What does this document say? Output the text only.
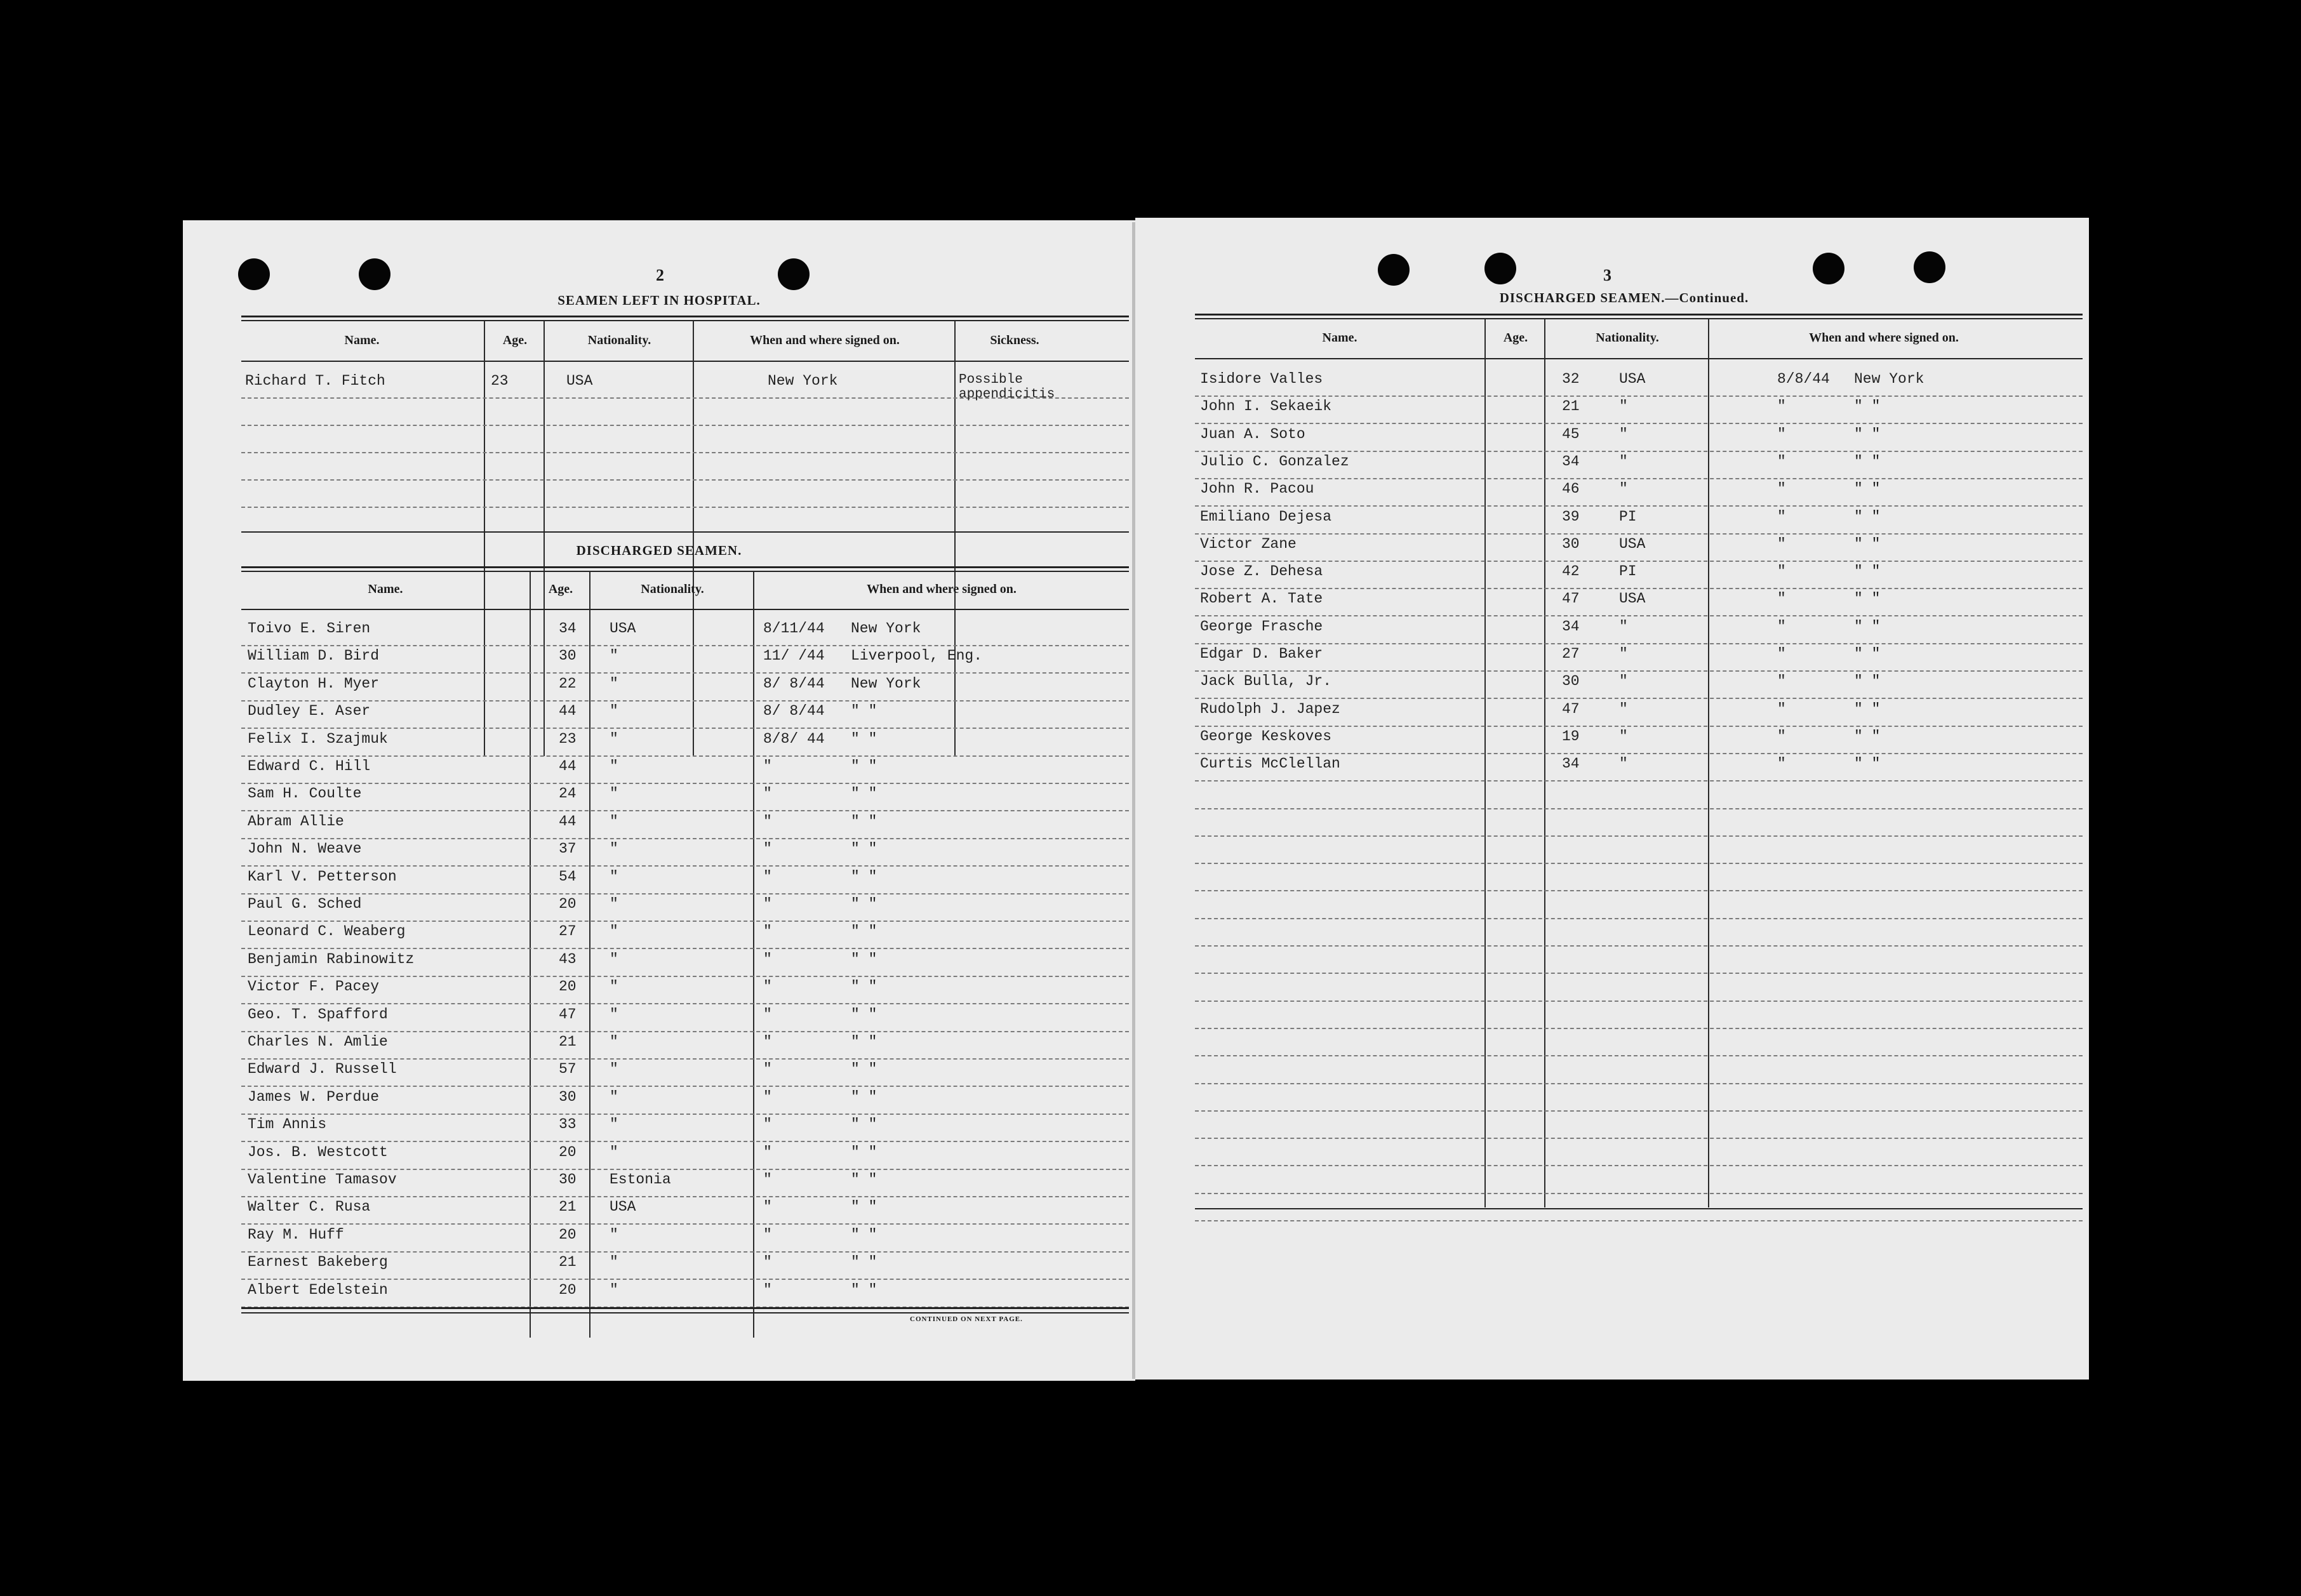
2
SEAMEN LEFT IN HOSPITAL.
Name.	Age.	Nationality.	When and where signed on.	Sickness.
Richard T. Fitch	23	USA	New York	Possible appendicitis
DISCHARGED SEAMEN.
Name.	Age.	Nationality.	When and where signed on.
Toivo E. Siren	34 USA	8/11/44 New York
William D. Bird	30 "	11/ /44 Liverpool, Eng.
Clayton H. Myer	22 "	8/ 8/44 New York
Dudley E. Aser	44 "	8/ 8/44 " "
Felix I. Szajmuk	23 "	8/8/ 44 " "
Edward C. Hill	44 "	"	" "
Sam H. Coulte	24 "	"	" "
Abram Allie	44 "	"	" "
John N. Weave	37 "	"	" "
Karl V. Petterson	54 "	"	" "
Paul G. Sched	20 "	"	" "
Leonard C. Weaberg	27 "	"	" "
Benjamin Rabinowitz	43 "	"	" "
Victor F. Pacey	20 "	"	" "
Geo. T. Spafford	47 "	"	" "
Charles N. Amlie	21 "	"	" "
Edward J. Russell	57 "	"	" "
James W. Perdue	30 "	"	" "
Tim Annis	33 "	"	" "
Jos. B. Westcott	20 "	"	" "
Valentine Tamasov	30 Estonia	"	" "
Walter C. Rusa	21 USA	"	" "
Ray M. Huff	20 "	"	" "
Earnest Bakeberg	21 "	"	" "
Albert Edelstein	20 "	"	" "
CONTINUED ON NEXT PAGE.
3
DISCHARGED SEAMEN.—Continued.
Name.	Age.	Nationality.	When and where signed on.
Isidore Valles	32	USA	8/8/44 New York
John I. Sekaeik	21	"	"	" "
Juan A. Soto	45	"	"	" "
Julio C. Gonzalez	34	"	"	" "
John R. Pacou	46	"	"	" "
Emiliano Dejesa	39	PI	"	" "
Victor Zane	30	USA	"	" "
Jose Z. Dehesa	42	PI	"	" "
Robert A. Tate	47	USA	"	" "
George Frasche	34	"	"	" "
Edgar D. Baker	27	"	"	" "
Jack Bulla, Jr.	30	"	"	" "
Rudolph J. Japez	47	"	"	" "
George Keskoves	19	"	"	" "
Curtis McClellan	34	"	"	" "
